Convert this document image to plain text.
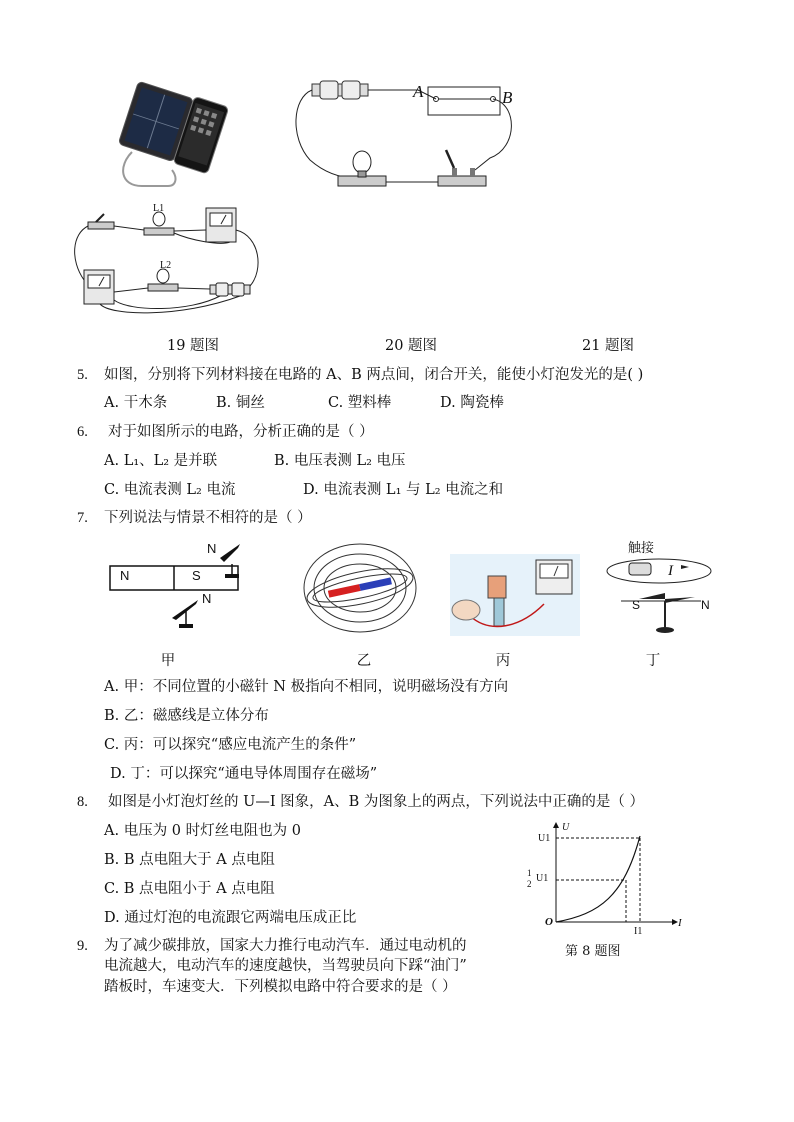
A	B
L1
L2
19 题图	20 题图	21 题图
5. 如图，分别将下列材料接在电路的 A、B 两点间，闭合开关，能使小灯泡发光的是( )
A. 干木条	B. 铜丝	C. 塑料棒	D. 陶瓷棒
6. 对于如图所示的电路，分析正确的是（ ）
A. L₁、L₂ 是并联	B. 电压表测 L₂ 电压
C. 电流表测 L₂ 电流	D. 电流表测 L₁ 与 L₂ 电流之和
7. 下列说法与情景不相符的是（ ）
N
N	S
N
触接
I
S	N
甲	乙	丙	丁
A. 甲：不同位置的小磁针 N 极指向不相同，说明磁场没有方向
B. 乙：磁感线是立体分布
C. 丙：可以探究“感应电流产生的条件”
D. 丁：可以探究“通电导体周围存在磁场”
8. 如图是小灯泡灯丝的 U—I 图象，A、B 为图象上的两点，下列说法中正确的是（ ）
A. 电压为 0 时灯丝电阻也为 0
B. B 点电阻大于 A 点电阻
C. B 点电阻小于 A 点电阻
D. 通过灯泡的电流跟它两端电压成正比
U
U1
1
2 U1
O
I1
I
第 8 题图
9. 为了减少碳排放，国家大力推行电动汽车．通过电动机的
电流越大，电动汽车的速度越快，当驾驶员向下踩“油门”
踏板时，车速变大．下列模拟电路中符合要求的是（ ）
